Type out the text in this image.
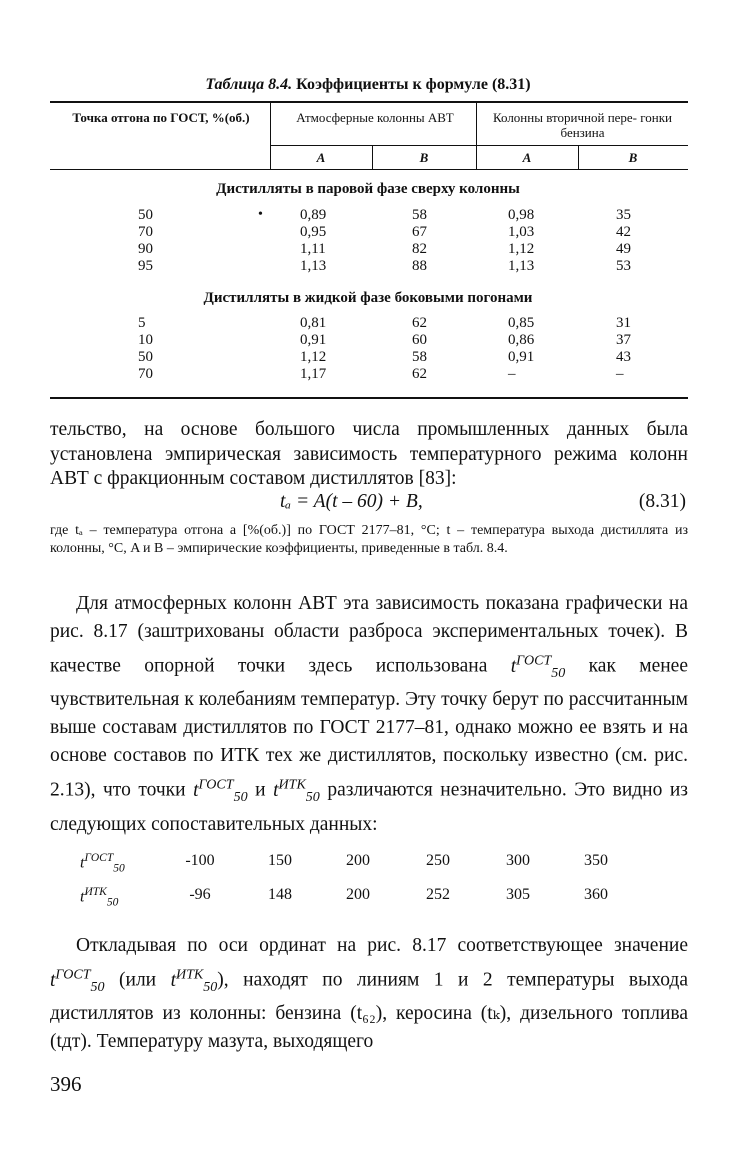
Таблица 8.4. Коэффициенты к формуле (8.31)
Точка отгона по ГОСТ, %(об.)	Атмосферные колонны АВТ	Колонны вторичной пере- гонки бензина
A	B	A	B
Дистилляты в паровой фазе сверху колонны
50	• 0,89	58	0,98	35
70	0,95	67	1,03	42
90	1,11	82	1,12	49
95	1,13	88	1,13	53
Дистилляты в жидкой фазе боковыми погонами
5	0,81	62	0,85	31
10	0,91	60	0,86	37
50	1,12	58	0,91	43
70	1,17	62	–	–

тельство, на основе большого числа промышленных данных была установлена эмпирическая зависимость температурного режима колонн АВТ с фракционным составом дистиллятов [83]:

tₐ = A(t – 60) + B,	(8.31)
где tₐ – температура отгона a [%(об.)] по ГОСТ 2177–81, °С; t – температура выхода дистиллята из колонны, °С, A и B – эмпирические коэффициенты, приведенные в табл. 8.4.

Для атмосферных колонн АВТ эта зависимость показана графически на рис. 8.17 (заштрихованы области разброса экспериментальных точек). В качестве опорной точки здесь использована $t^{ГОСТ}_{50}$ как менее чувствительная к колебаниям температур. Эту точку берут по рассчитанным выше составам дистиллятов по ГОСТ 2177–81, однако можно ее взять и на основе составов по ИТК тех же дистиллятов, поскольку известно (см. рис. 2.13), что точки $t^{ГОСТ}_{50}$ и $t^{ИТК}_{50}$ различаются незначительно. Это видно из следующих сопоставительных данных:

$t^{ГОСТ}_{50}$	-100	150	200	250	300	350
$t^{ИТК}_{50}$	-96	148	200	252	305	360

Откладывая по оси ординат на рис. 8.17 соответствующее значение $t^{ГОСТ}_{50}$ (или $t^{ИТК}_{50}$), находят по линиям 1 и 2 температуры выхода дистиллятов из колонны: бензина (t₆₂), керосина (tₖ), дизельного топлива (tдт). Температуру мазута, выходящего

396
